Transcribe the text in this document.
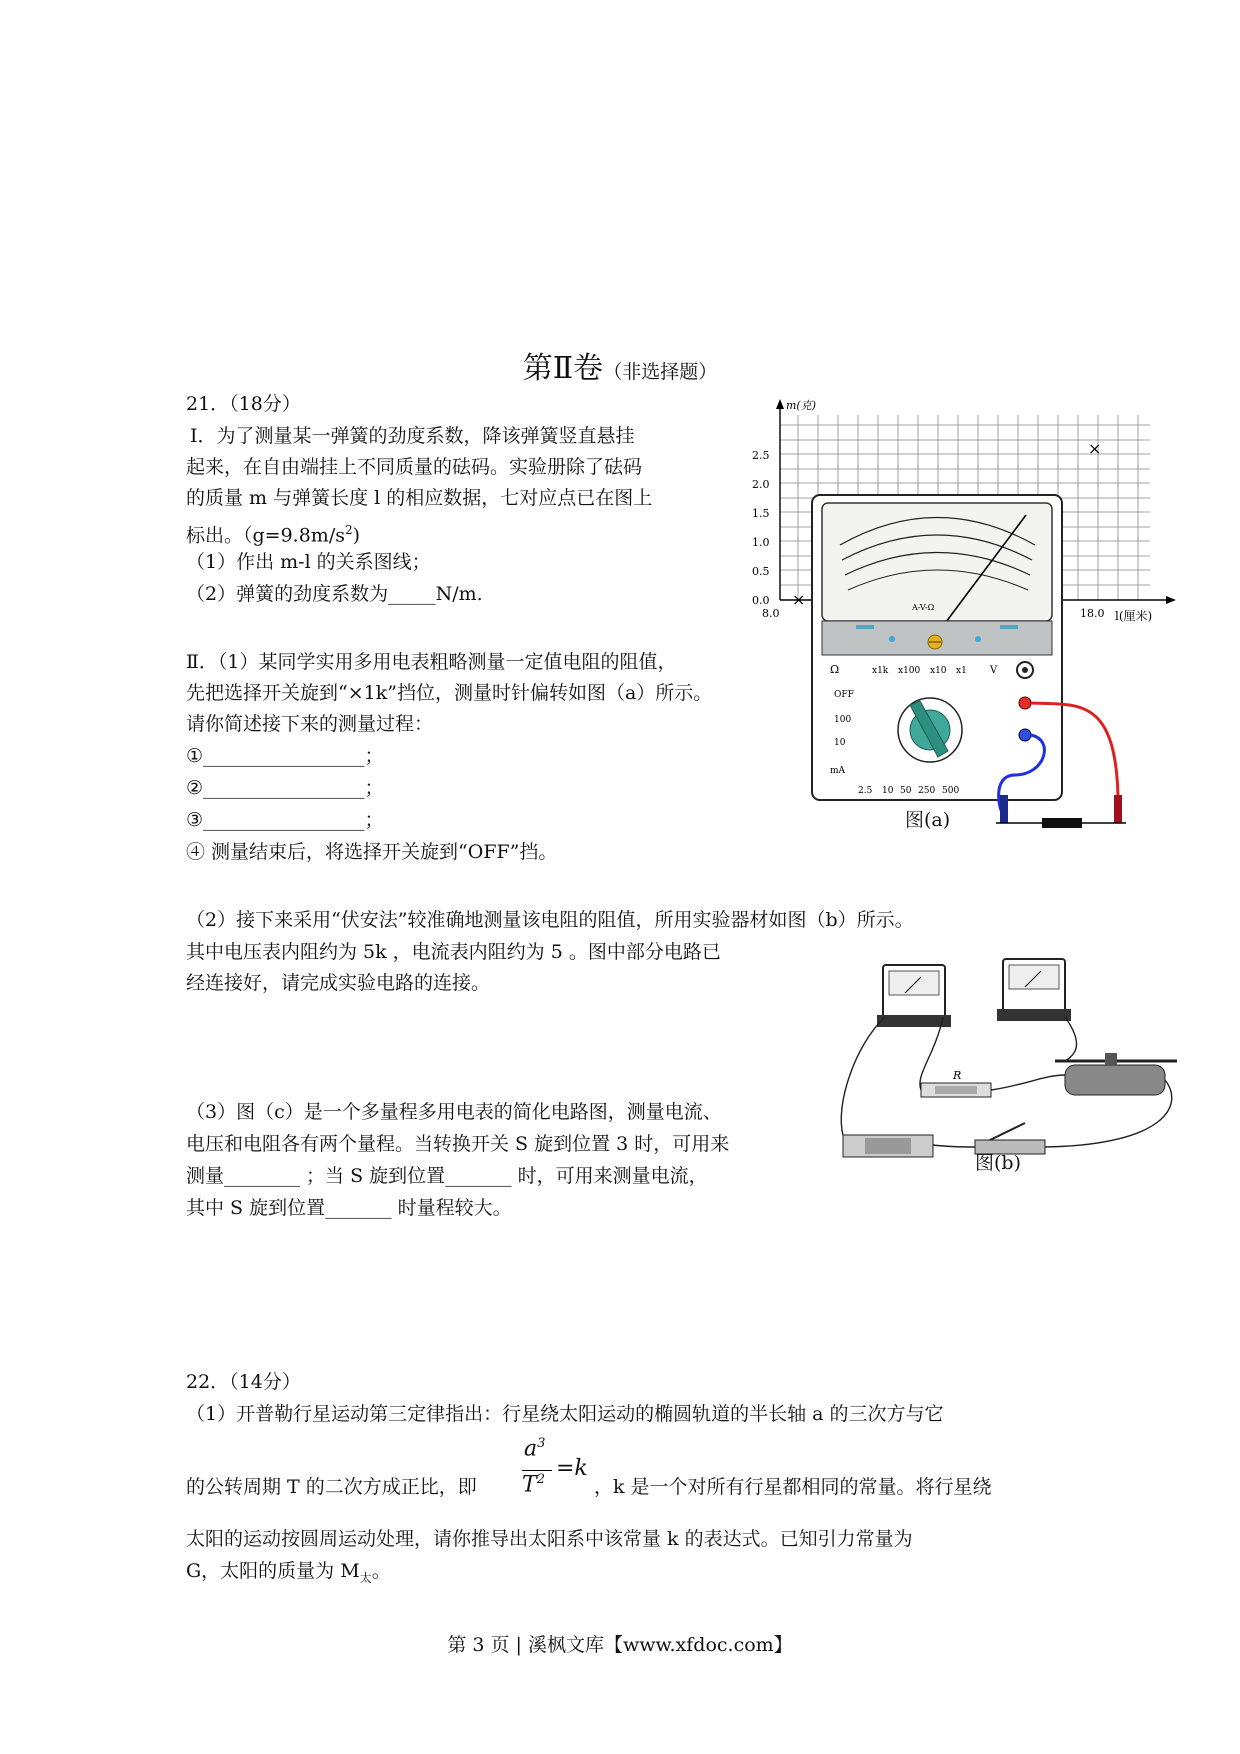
第Ⅱ卷（非选择题）
21．（18分）
Ⅰ．为了测量某一弹簧的劲度系数，降该弹簧竖直悬挂
起来，在自由端挂上不同质量的砝码。实验册除了砝码
的质量 m 与弹簧长度 l 的相应数据，七对应点已在图上
标出。$(g=9.8m/s^2)$
（1）作出 m-l 的关系图线；
（2）弹簧的劲度系数为_____N/m.
Ⅱ．（1）某同学实用多用电表粗略测量一定值电阻的阻值，
先把选择开关旋到“×1k”挡位，测量时针偏转如图（a）所示。
请你简述接下来的测量过程：
①_________________；
②_________________；
③_________________；
④ 测量结束后，将选择开关旋到“OFF”挡。
（2）接下来采用“伏安法”较准确地测量该电阻的阻值，所用实验器材如图（b）所示。
其中电压表内阻约为 5k ，电流表内阻约为 5 。图中部分电路已
经连接好，请完成实验电路的连接。
（3）图（c）是一个多量程多用电表的简化电路图，测量电流、
电压和电阻各有两个量程。当转换开关 S 旋到位置 3 时，可用来
测量________ ；当 S 旋到位置_______ 时，可用来测量电流，
其中 S 旋到位置_______ 时量程较大。
m(克)
l(厘米)
0.0
0.5
1.0
1.5
2.0
2.5
8.0	18.0
×
×	A-V-Ω
Ω	x1k x100 x10 x1 V
OFF
100
10
mA
2.5 10 50 250 500
图(a)
R
图(b)
22．（14分）
（1）开普勒行星运动第三定律指出：行星绕太阳运动的椭圆轨道的半长轴 a 的三次方与它
$a^3$
$T^2 =k$
的公转周期 T 的二次方成正比，即	，k 是一个对所有行星都相同的常量。将行星绕
太阳的运动按圆周运动处理，请你推导出太阳系中该常量 k 的表达式。已知引力常量为
G，太阳的质量为 $M_太$。
第 3 页 | 溪枫文库【www.xfdoc.com】
